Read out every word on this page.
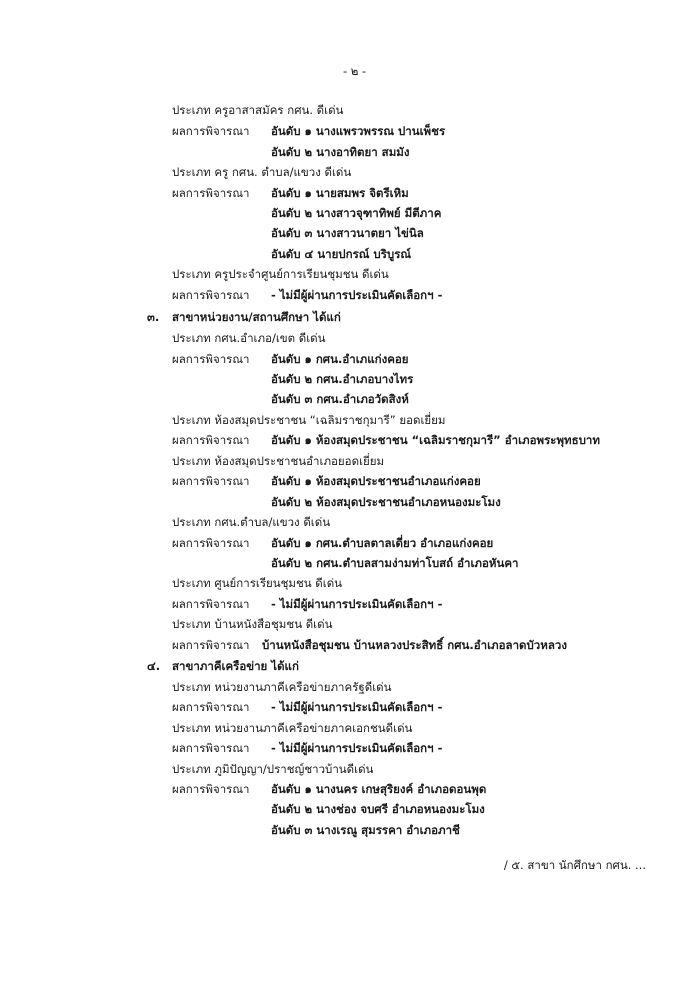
- ๒ -
ประเภท ครูอาสาสมัคร กศน. ดีเด่น
ผลการพิจารณา อันดับ ๑ นางแพรวพรรณ ปานเพ็ชร
อันดับ ๒ นางอาทิตยา สมมัง
ประเภท ครู กศน. ตำบล/แขวง ดีเด่น
ผลการพิจารณา อันดับ ๑ นายสมพร จิตรีเหิม
อันดับ ๒ นางสาวจุฑาทิพย์ มีตีภาค
อันดับ ๓ นางสาวนาตยา ไข่นิล
อันดับ ๔ นายปกรณ์ บริบูรณ์
ประเภท ครูประจำศูนย์การเรียนชุมชน ดีเด่น
ผลการพิจารณา - ไม่มีผู้ผ่านการประเมินคัดเลือกฯ -
๓. สาขาหน่วยงาน/สถานศึกษา ได้แก่
ประเภท กศน.อำเภอ/เขต ดีเด่น
ผลการพิจารณา อันดับ ๑ กศน.อำเภแก่งคอย
อันดับ ๒ กศน.อำเภอบางไทร
อันดับ ๓ กศน.อำเภอวัดสิงห์
ประเภท ห้องสมุดประชาชน “เฉลิมราชกุมารี” ยอดเยี่ยม
ผลการพิจารณา อันดับ ๑ ห้องสมุดประชาชน “เฉลิมราชกุมารี” อำเภอพระพุทธบาท
ประเภท ห้องสมุดประชาชนอำเภอยอดเยี่ยม
ผลการพิจารณา อันดับ ๑ ห้องสมุดประชาชนอำเภอแก่งคอย
อันดับ ๒ ห้องสมุดประชาชนอำเภอหนองมะโมง
ประเภท กศน.ตำบล/แขวง ดีเด่น
ผลการพิจารณา อันดับ ๑ กศน.ตำบลตาลเดี่ยว อำเภอแก่งคอย
อันดับ ๒ กศน.ตำบลสามง่ามท่าโบสถ์ อำเภอหันคา
ประเภท ศูนย์การเรียนชุมชน ดีเด่น
ผลการพิจารณา - ไม่มีผู้ผ่านการประเมินคัดเลือกฯ -
ประเภท บ้านหนังสือชุมชน ดีเด่น
ผลการพิจารณา บ้านหนังสือชุมชน บ้านหลวงประสิทธิ์ กศน.อำเภอลาดบัวหลวง
๔. สาขาภาคีเครือข่าย ได้แก่
ประเภท หน่วยงานภาคีเครือข่ายภาครัฐดีเด่น
ผลการพิจารณา - ไม่มีผู้ผ่านการประเมินคัดเลือกฯ -
ประเภท หน่วยงานภาคีเครือข่ายภาคเอกชนดีเด่น
ผลการพิจารณา - ไม่มีผู้ผ่านการประเมินคัดเลือกฯ -
ประเภท ภูมิปัญญา/ปราชญ์ชาวบ้านดีเด่น
ผลการพิจารณา อันดับ ๑ นางนคร เกษสุริยงค์ อำเภอดอนพุด
อันดับ ๒ นางช่อง จบศรี อำเภอหนองมะโมง
อันดับ ๓ นางเรณู สุมรรคา อำเภอภาชี
/ ๕. สาขา นักศึกษา กศน. ...
